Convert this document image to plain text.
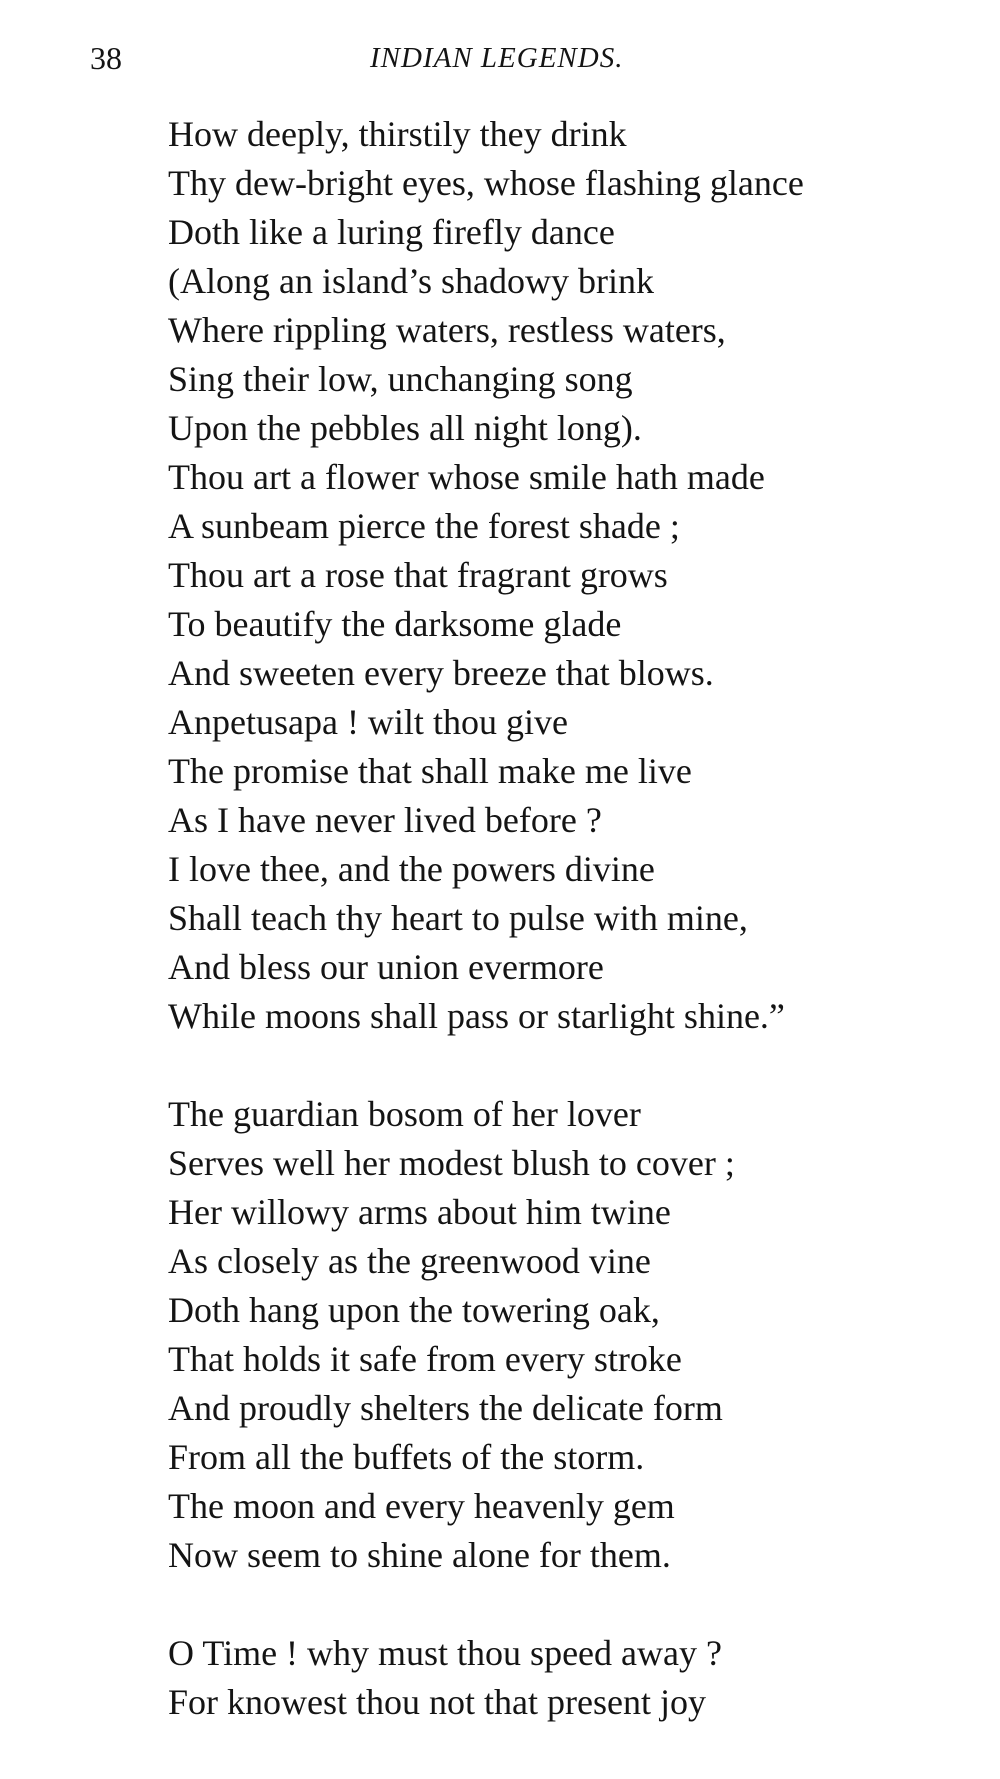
38	INDIAN LEGENDS.
How deeply, thirstily they drink
Thy dew-bright eyes, whose flashing glance
Doth like a luring firefly dance
(Along an island’s shadowy brink
Where rippling waters, restless waters,
Sing their low, unchanging song
Upon the pebbles all night long).
Thou art a flower whose smile hath made
A sunbeam pierce the forest shade ;
Thou art a rose that fragrant grows
To beautify the darksome glade
And sweeten every breeze that blows.
Anpetusapa ! wilt thou give
The promise that shall make me live
As I have never lived before ?
I love thee, and the powers divine
Shall teach thy heart to pulse with mine,
And bless our union evermore
While moons shall pass or starlight shine.”
The guardian bosom of her lover
Serves well her modest blush to cover ;
Her willowy arms about him twine
As closely as the greenwood vine
Doth hang upon the towering oak,
That holds it safe from every stroke
And proudly shelters the delicate form
From all the buffets of the storm.
The moon and every heavenly gem
Now seem to shine alone for them.
O Time ! why must thou speed away ?
For knowest thou not that present joy
